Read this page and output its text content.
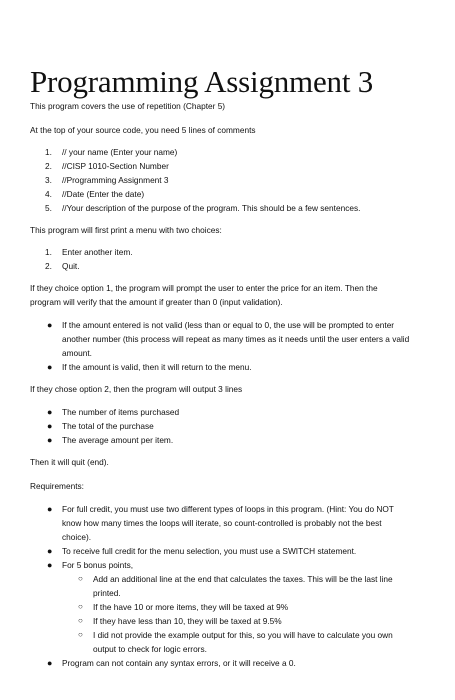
Programming Assignment 3

This program covers the use of repetition (Chapter 5)

At the top of your source code, you need 5 lines of comments

1.	// your name (Enter your name)
2.	//CISP 1010-Section Number
3.	//Programming Assignment 3
4.	//Date (Enter the date)
5.	//Your description of the purpose of the program. This should be a few sentences.

This program will first print a menu with two choices:

1.	Enter another item.
2.	Quit.

If they choice option 1, the program will prompt the user to enter the price for an item. Then the

program will verify that the amount if greater than 0 (input validation).

● If the amount entered is not valid (less than or equal to 0, the use will be prompted to enter
another number (this process will repeat as many times as it needs until the user enters a valid
amount.
● If the amount is valid, then it will return to the menu.

If they chose option 2, then the program will output 3 lines

● The number of items purchased
● The total of the purchase
● The average amount per item.

Then it will quit (end).

Requirements:

● For full credit, you must use two different types of loops in this program. (Hint: You do NOT
know how many times the loops will iterate, so count-controlled is probably not the best
choice).
● To receive full credit for the menu selection, you must use a SWITCH statement.
● For 5 bonus points,
○ Add an additional line at the end that calculates the taxes. This will be the last line
printed.
○ If the have 10 or more items, they will be taxed at 9%
○ If they have less than 10, they will be taxed at 9.5%
○ I did not provide the example output for this, so you will have to calculate you own
output to check for logic errors.
● Program can not contain any syntax errors, or it will receive a 0.
